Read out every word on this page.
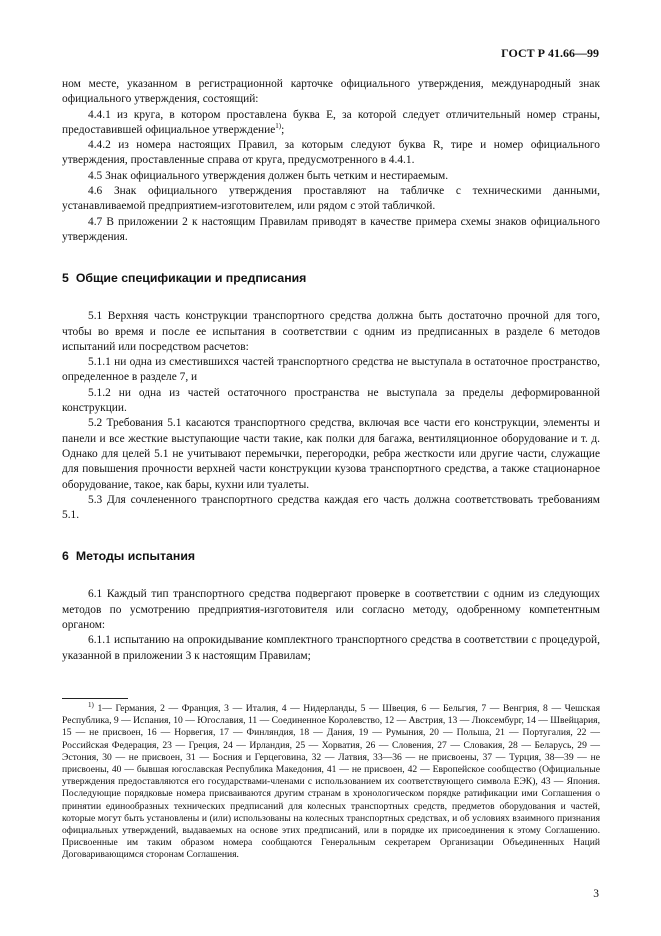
ГОСТ Р 41.66—99

ном месте, указанном в регистрационной карточке официального утверждения, международный знак официального утверждения, состоящий:

4.4.1 из круга, в котором проставлена буква Е, за которой следует отличительный номер страны, предоставившей официальное утверждение$^{1)}$;

4.4.2 из номера настоящих Правил, за которым следуют буква R, тире и номер официального утверждения, проставленные справа от круга, предусмотренного в 4.4.1.

4.5 Знак официального утверждения должен быть четким и нестираемым.

4.6 Знак официального утверждения проставляют на табличке с техническими данными, устанавливаемой предприятием-изготовителем, или рядом с этой табличкой.

4.7 В приложении 2 к настоящим Правилам приводят в качестве примера схемы знаков официального утверждения.

5 Общие спецификации и предписания

5.1 Верхняя часть конструкции транспортного средства должна быть достаточно прочной для того, чтобы во время и после ее испытания в соответствии с одним из предписанных в разделе 6 методов испытаний или посредством расчетов:

5.1.1 ни одна из сместившихся частей транспортного средства не выступала в остаточное пространство, определенное в разделе 7, и

5.1.2 ни одна из частей остаточного пространства не выступала за пределы деформированной конструкции.

5.2 Требования 5.1 касаются транспортного средства, включая все части его конструкции, элементы и панели и все жесткие выступающие части такие, как полки для багажа, вентиляционное оборудование и т. д. Однако для целей 5.1 не учитывают перемычки, перегородки, ребра жесткости или другие части, служащие для повышения прочности верхней части конструкции кузова транспортного средства, а также стационарное оборудование, такое, как бары, кухни или туалеты.

5.3 Для сочлененного транспортного средства каждая его часть должна соответствовать требованиям 5.1.

6 Методы испытания

6.1 Каждый тип транспортного средства подвергают проверке в соответствии с одним из следующих методов по усмотрению предприятия-изготовителя или согласно методу, одобренному компетентным органом:

6.1.1 испытанию на опрокидывание комплектного транспортного средства в соответствии с процедурой, указанной в приложении 3 к настоящим Правилам;

$^{1)}$ 1— Германия, 2 — Франция, 3 — Италия, 4 — Нидерланды, 5 — Швеция, 6 — Бельгия, 7 — Венгрия, 8 — Чешская Республика, 9 — Испания, 10 — Югославия, 11 — Соединенное Королевство, 12 — Австрия, 13 — Люксембург, 14 — Швейцария, 15 — не присвоен, 16 — Норвегия, 17 — Финляндия, 18 — Дания, 19 — Румыния, 20 — Польша, 21 — Португалия, 22 — Российская Федерация, 23 — Греция, 24 — Ирландия, 25 — Хорватия, 26 — Словения, 27 — Словакия, 28 — Беларусь, 29 — Эстония, 30 — не присвоен, 31 — Босния и Герцеговина, 32 — Латвия, 33—36 — не присвоены, 37 — Турция, 38—39 — не присвоены, 40 — бывшая югославская Республика Македония, 41 — не присвоен, 42 — Европейское сообщество (Официальные утверждения предоставляются его государствами-членами с использованием их соответствующего символа ЕЭК), 43 — Япония. Последующие порядковые номера присваиваются другим странам в хронологическом порядке ратификации ими Соглашения о принятии единообразных технических предписаний для колесных транспортных средств, предметов оборудования и частей, которые могут быть установлены и (или) использованы на колесных транспортных средствах, и об условиях взаимного признания официальных утверждений, выдаваемых на основе этих предписаний, или в порядке их присоединения к этому Соглашению. Присвоенные им таким образом номера сообщаются Генеральным секретарем Организации Объединенных Наций Договаривающимся сторонам Соглашения.

3
